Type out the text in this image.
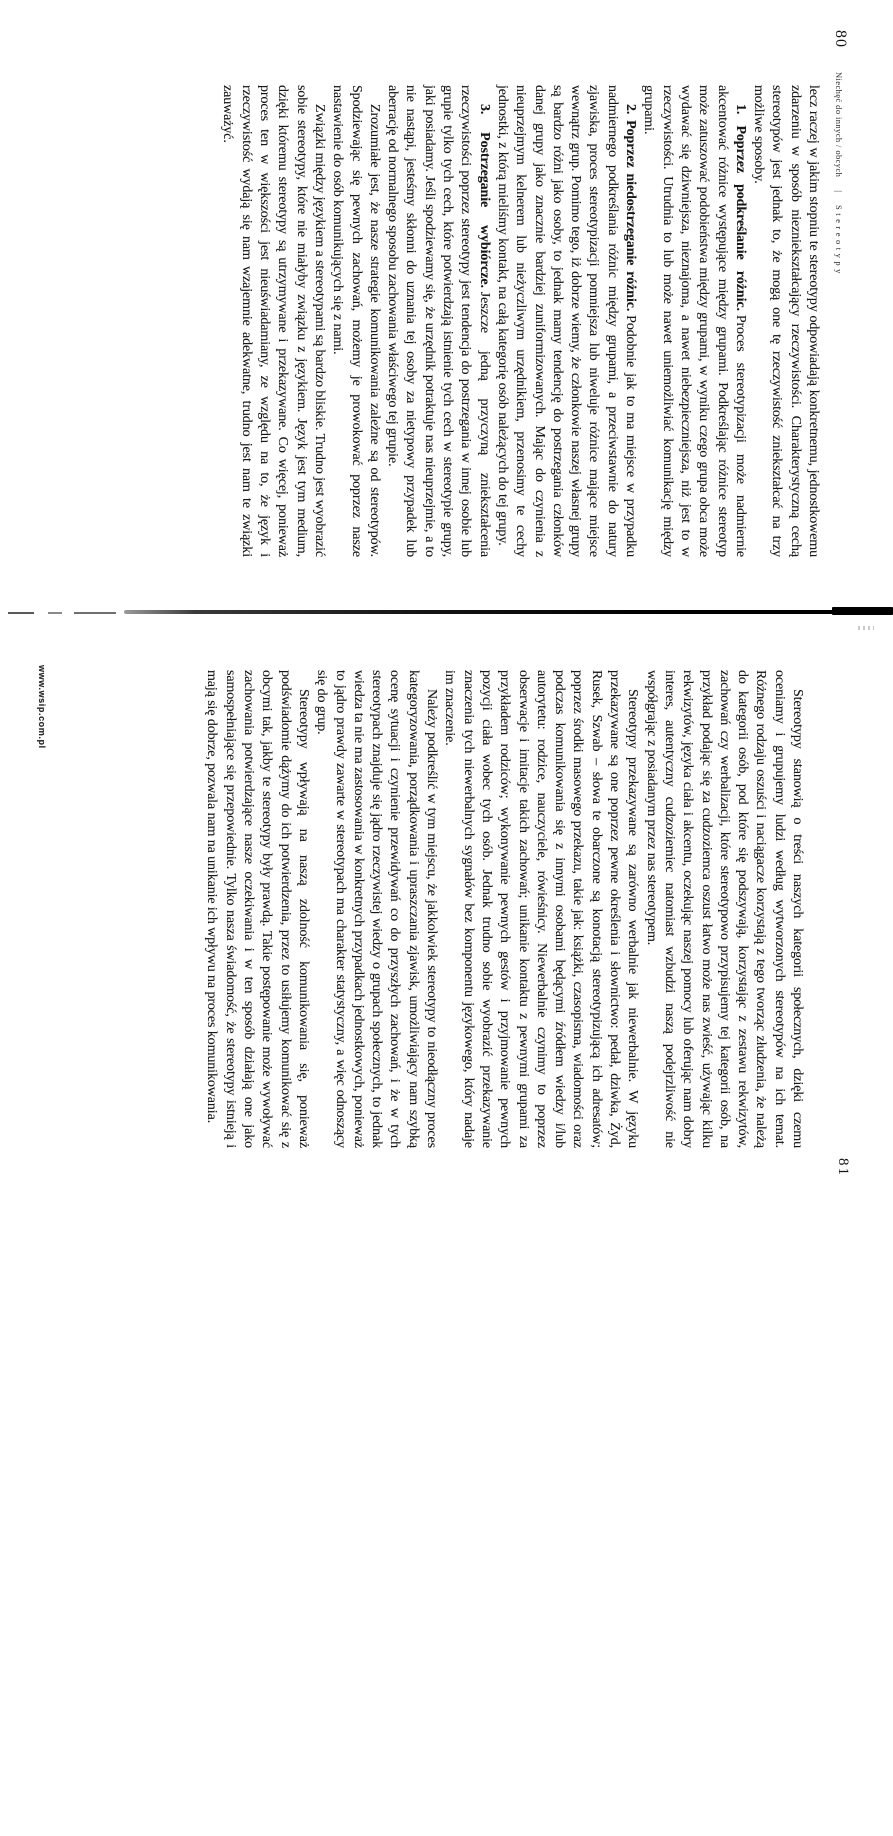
80Niechęć do innych / obcych|Stereotypy

lecz raczej w jakim stopniu te stereotypy odpowiadają konkretnemu, jednostkowemu zdarzeniu w sposób niezniekształcający rzeczywistości. Charakterystyczną cechą stereotypów jest jednak to, że mogą one tę rzeczywistość zniekształcać na trzy możliwe sposoby.

1. Poprzez podkreślanie różnic.Proces stereotypizacji może nadmiernie akcentować różnice występujące między grupami. Podkreślając różnice stereotyp może zatuszować podobieństwa między grupami, w wyniku czego grupa obca może wydawać się dziwniejsza, nieznajoma, a nawet niebezpieczniejsza, niż jest to w rzeczywistości. Utrudnia to lub może nawet uniemożliwiać komunikację między grupami.

2. Poprzez niedostrzeganie różnic.Podobnie jak to ma miejsce w przypadku nadmiernego podkreślania różnic między grupami, a przeciwstawnie do natury zjawiska, proces stereotypizacji pomniejsza lub niweluje różnice mające miejsce wewnątrz grup. Pomimo tego, iż dobrze wiemy, że członkowie naszej własnej grupy są bardzo różni jako osoby, to jednak mamy tendencję do postrzegania członków danej grupy jako znacznie bardziej zuniformizowanych. Mając do czynienia z nieuprzejmym kelnerem lub nieżyczliwym urzędnikiem, przenosimy te cechy jednostki, z którą mieliśmy kontakt, na całą kategorię osób należących do tej grupy.

3. Postrzeganie wybiórcze.Jeszcze jedną przyczyną zniekształcenia rzeczywistości poprzez stereotypy jest tendencja do postrzegania w innej osobie lub grupie tylko tych cech, które potwierdzają istnienie tych cech w stereotypie grupy, jaki posiadamy. Jeśli spodziewamy się, że urzędnik potraktuje nas nieuprzejmie, a to nie nastąpi, jesteśmy skłonni do uznania tej osoby za nietypowy przypadek lub aberrację od normalnego sposobu zachowania właściwego tej grupie.

Zrozumiałe jest, że nasze strategie komunikowania zależne są od stereotypów. Spodziewając się pewnych zachowań, możemy je prowokować poprzez nasze nastawienie do osób komunikujących się z nami.

Związki między językiem a stereotypami są bardzo bliskie. Trudno jest wyobrazić sobie stereotypy, które nie miałyby związku z językiem. Język jest tym medium, dzięki któremu stereotypy są utrzymywane i przekazywane. Co więcej, ponieważ proces ten w większości jest nieuświadamiany, ze względu na to, że język i rzeczywistość wydają się nam wzajemnie adekwatne, trudno jest nam te związki zauważyć.

www.wsip.com.pl	Stereotypy stanowią o treści naszych kategorii społecznych, dzięki czemu oceniamy i grupujemy ludzi według wytworzonych stereotypów na ich temat. Różnego rodzaju oszuści i naciągacze korzystają z tego tworząc złudzenia, że należą do kategorii osób, pod które się podszywają, korzystając z zestawu rekwizytów, zachowań czy werbalizacji, które stereotypowo przypisujemy tej kategorii osób, na przykład podając się za cudzoziemca oszust łatwo może nas zwieść, używając kilku rekwizytów, języka ciała i akcentu, oczekując naszej pomocy lub oferując nam dobry interes, autentyczny cudzoziemiec natomiast wzbudzi naszą podejrzliwość nie współgrając z posiadanym przez nas stereotypem.

Stereotypy przekazywane są zarówno werbalnie jak niewerbalnie. W języku przekazywane są one poprzez pewne określenia i słownictwo: pedał, dziwka, Żyd, Rusek, Szwab – słowa te obarczone są konotacją stereotypizującą ich adresatów; poprzez środki masowego przekazu, takie jak: książki, czasopisma, wiadomości oraz podczas komunikowania się z innymi osobami będącymi źródłem wiedzy i/lub autorytetu: rodzice, nauczyciele, rówieśnicy. Niewerbalnie czynimy to poprzez obserwacje i imitacje takich zachowań; unikanie kontaktu z pewnymi grupami za przykładem rodziców; wykonywanie pewnych gestów i przyjmowanie pewnych pozycji ciała wobec tych osób. Jednak trudno sobie wyobrazić przekazywanie znaczenia tych niewerbalnych sygnałów bez komponentu językowego, który nadaje im znaczenie.

Należy podkreślić w tym miejscu, że jakkolwiek stereotypy to nieodłączny proces kategoryzowania, porządkowania i upraszczania zjawisk, umożliwiający nam szybką ocenę sytuacji i czynienie przewidywań co do przyszłych zachowań, i że w tych stereotypach znajduje się jądro rzeczywistej wiedzy o grupach społecznych, to jednak wiedza ta nie ma zastosowania w konkretnych przypadkach jednostkowych, ponieważ to jądro prawdy zawarte w stereotypach ma charakter statystyczny, a więc odnoszący się do grup.

Stereotypy wpływają na naszą zdolność komunikowania się, ponieważ podświadomie dążymy do ich potwierdzenia, przez to usiłujemy komunikować się z obcymi tak, jakby te stereotypy były prawdą. Takie postępowanie może wywoływać zachowania potwierdzające nasze oczekiwania i w ten sposób działają one jako samospełniające się przepowiednie. Tylko nasza świadomość, że stereotypy istnieją i mają się dobrze, pozwala nam na unikanie ich wpływu na proces komunikowania.

81
